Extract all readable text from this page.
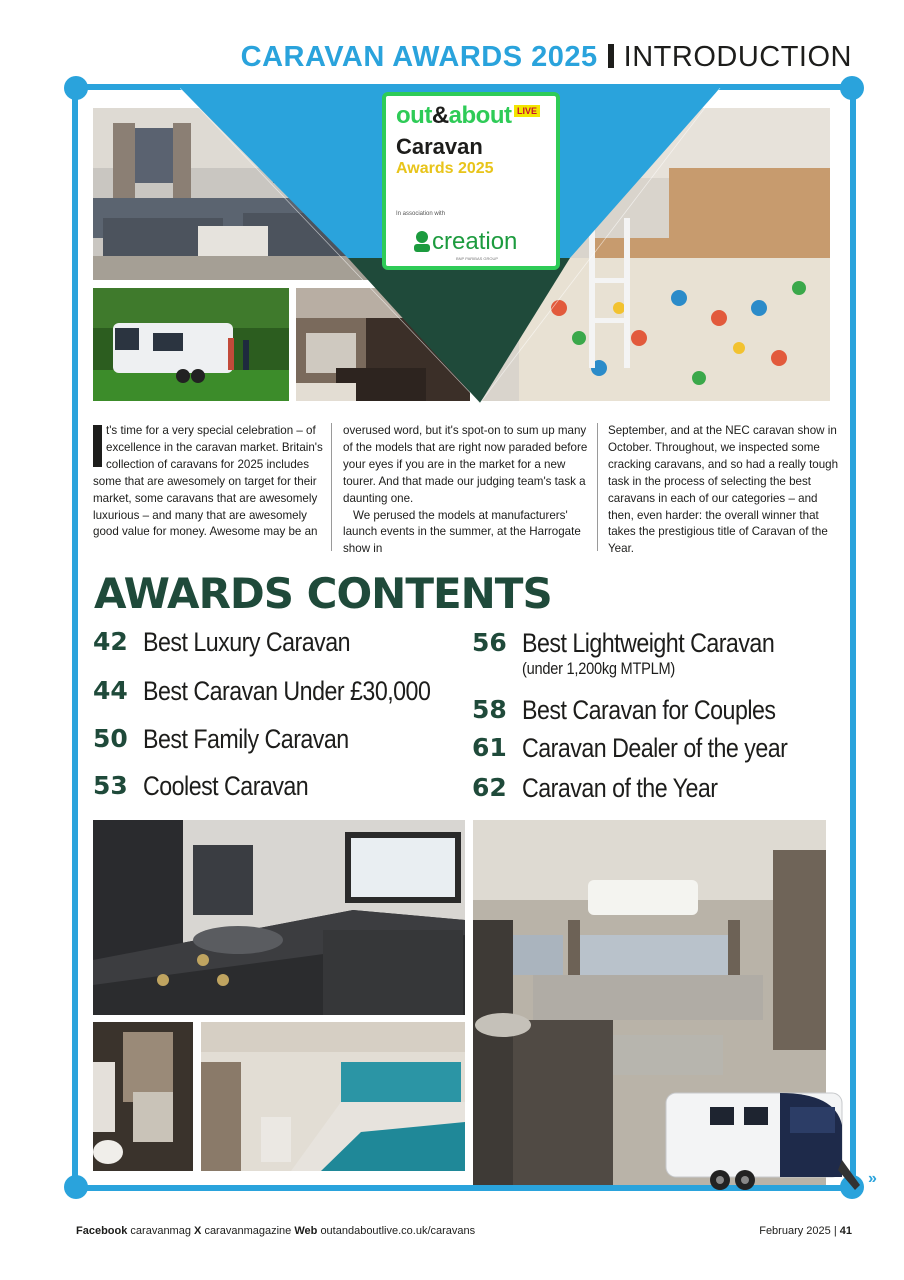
CARAVAN AWARDS 2025 INTRODUCTION
out&about LIVE
Caravan
Awards 2025
In association with
creation
BNP PARIBAS GROUP

t's time for a very special celebration – of excellence in the caravan market. Britain's collection of caravans for 2025 includes some that are awesomely on target for their market, some caravans that are awesomely luxurious – and many that are awesomely good value for money. Awesome may be an

overused word, but it's spot-on to sum up many of the models that are right now paraded before your eyes if you are in the market for a new tourer. And that made our judging team's task a daunting one.

We perused the models at manufacturers' launch events in the summer, at the Harrogate show in

September, and at the NEC caravan show in October. Throughout, we inspected some cracking caravans, and so had a really tough task in the process of selecting the best caravans in each of our categories – and then, even harder: the overall winner that takes the prestigious title of Caravan of the Year.

AWARDS CONTENTS
42 Best Luxury Caravan
44 Best Caravan Under £30,000
50 Best Family Caravan
53 Coolest Caravan
56 Best Lightweight Caravan
(under 1,200kg MTPLM)
58 Best Caravan for Couples
61 Caravan Dealer of the year
62 Caravan of the Year
»
Facebook caravanmag X caravanmagazine Web outandaboutlive.co.uk/caravans	February 2025 | 41
